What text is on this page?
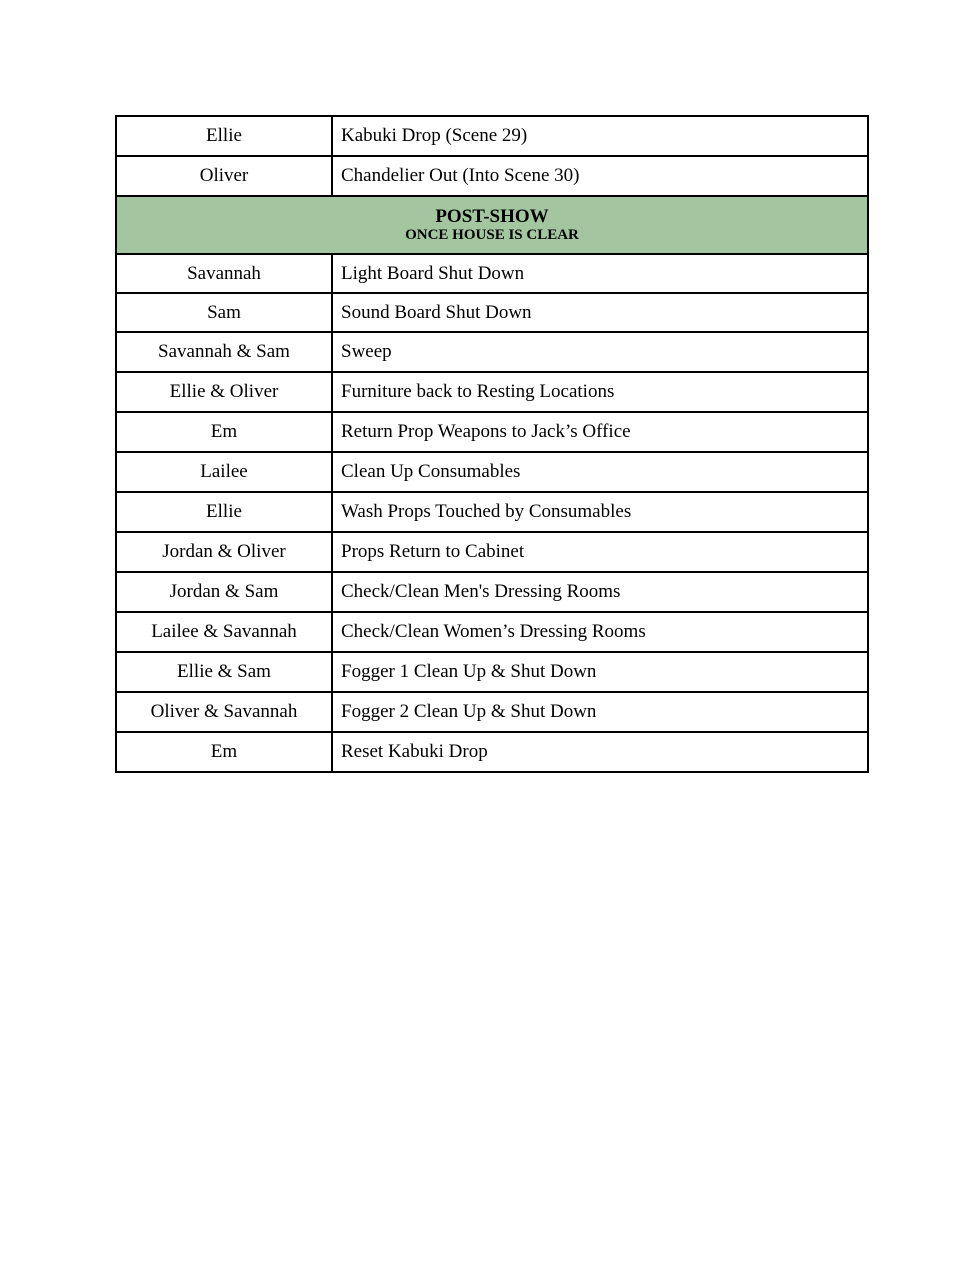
Ellie	Kabuki Drop (Scene 29)
Oliver	Chandelier Out (Into Scene 30)

POST-SHOW
ONCE HOUSE IS CLEAR	

Savannah	Light Board Shut Down
Sam	Sound Board Shut Down
Savannah & Sam	Sweep
Ellie & Oliver	Furniture back to Resting Locations
Em	Return Prop Weapons to Jack’s Office
Lailee	Clean Up Consumables
Ellie	Wash Props Touched by Consumables
Jordan & Oliver	Props Return to Cabinet
Jordan & Sam	Check/Clean Men's Dressing Rooms
Lailee & Savannah	Check/Clean Women’s Dressing Rooms
Ellie & Sam	Fogger 1 Clean Up & Shut Down
Oliver & Savannah	Fogger 2 Clean Up & Shut Down
Em	Reset Kabuki Drop
